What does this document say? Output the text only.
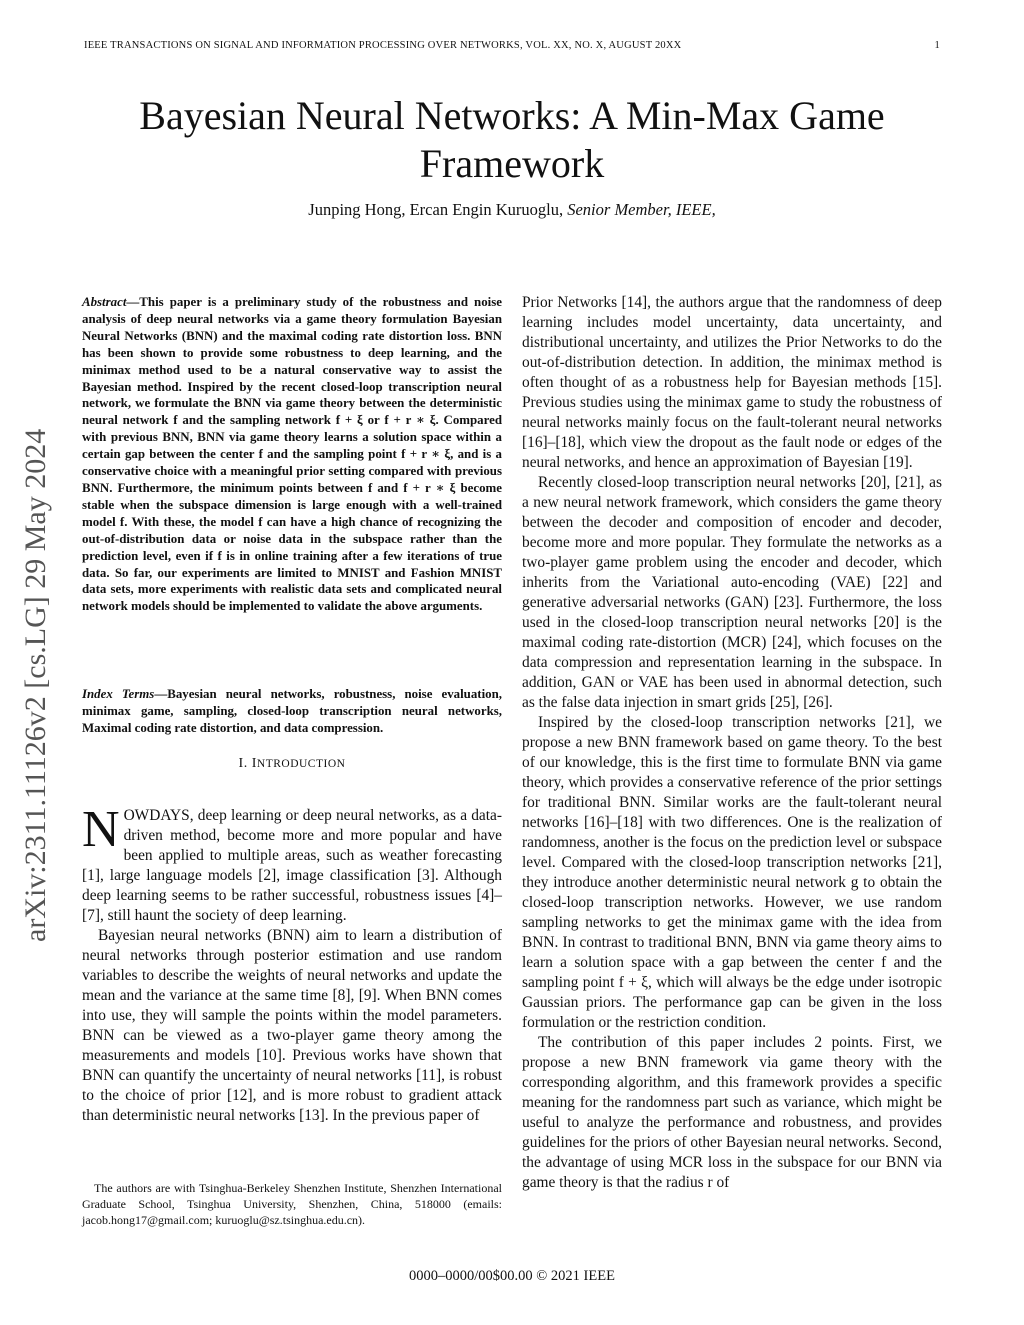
IEEE TRANSACTIONS ON SIGNAL AND INFORMATION PROCESSING OVER NETWORKS, VOL. XX, NO. X, AUGUST 20XX	1
Bayesian Neural Networks: A Min-Max Game
Framework
Junping Hong, Ercan Engin Kuruoglu, Senior Member, IEEE,
arXiv:2311.11126v2 [cs.LG] 29 May 2024
Abstract—This paper is a preliminary study of the robustness and noise analysis of deep neural networks via a game theory formulation Bayesian Neural Networks (BNN) and the maximal coding rate distortion loss. BNN has been shown to provide some robustness to deep learning, and the minimax method used to be a natural conservative way to assist the Bayesian method. Inspired by the recent closed-loop transcription neural network, we formulate the BNN via game theory between the deterministic neural network f and the sampling network f + ξ or f + r ∗ ξ. Compared with previous BNN, BNN via game theory learns a solution space within a certain gap between the center f and the sampling point f + r ∗ ξ, and is a conservative choice with a meaningful prior setting compared with previous BNN. Furthermore, the minimum points between f and f + r ∗ ξ become stable when the subspace dimension is large enough with a well-trained model f. With these, the model f can have a high chance of recognizing the out-of-distribution data or noise data in the subspace rather than the prediction level, even if f is in online training after a few iterations of true data. So far, our experiments are limited to MNIST and Fashion MNIST data sets, more experiments with realistic data sets and complicated neural network models should be implemented to validate the above arguments.
Index Terms—Bayesian neural networks, robustness, noise evaluation, minimax game, sampling, closed-loop transcription neural networks, Maximal coding rate distortion, and data compression.
I. INTRODUCTION

NOWDAYS, deep learning or deep neural networks, as a data-driven method, become more and more popular and have been applied to multiple areas, such as weather forecasting [1], large language models [2], image classification [3]. Although deep learning seems to be rather successful, robustness issues [4]–[7], still haunt the society of deep learning.

Bayesian neural networks (BNN) aim to learn a distribution of neural networks through posterior estimation and use random variables to describe the weights of neural networks and update the mean and the variance at the same time [8], [9]. When BNN comes into use, they will sample the points within the model parameters. BNN can be viewed as a two-player game theory among the measurements and models [10]. Previous works have shown that BNN can quantify the uncertainty of neural networks [11], is robust to the choice of prior [12], and is more robust to gradient attack than deterministic neural networks [13]. In the previous paper of

The authors are with Tsinghua-Berkeley Shenzhen Institute, Shenzhen International Graduate School, Tsinghua University, Shenzhen, China, 518000 (emails: jacob.hong17@gmail.com; kuruoglu@sz.tsinghua.edu.cn).

Prior Networks [14], the authors argue that the randomness of deep learning includes model uncertainty, data uncertainty, and distributional uncertainty, and utilizes the Prior Networks to do the out-of-distribution detection. In addition, the minimax method is often thought of as a robustness help for Bayesian methods [15]. Previous studies using the minimax game to study the robustness of neural networks mainly focus on the fault-tolerant neural networks [16]–[18], which view the dropout as the fault node or edges of the neural networks, and hence an approximation of Bayesian [19].

Recently closed-loop transcription neural networks [20], [21], as a new neural network framework, which considers the game theory between the decoder and composition of encoder and decoder, become more and more popular. They formulate the networks as a two-player game problem using the encoder and decoder, which inherits from the Variational auto-encoding (VAE) [22] and generative adversarial networks (GAN) [23]. Furthermore, the loss used in the closed-loop transcription neural networks [20] is the maximal coding rate-distortion (MCR) [24], which focuses on the data compression and representation learning in the subspace. In addition, GAN or VAE has been used in abnormal detection, such as the false data injection in smart grids [25], [26].

Inspired by the closed-loop transcription networks [21], we propose a new BNN framework based on game theory. To the best of our knowledge, this is the first time to formulate BNN via game theory, which provides a conservative reference of the prior settings for traditional BNN. Similar works are the fault-tolerant neural networks [16]–[18] with two differences. One is the realization of randomness, another is the focus on the prediction level or subspace level. Compared with the closed-loop transcription networks [21], they introduce another deterministic neural network g to obtain the closed-loop transcription networks. However, we use random sampling networks to get the minimax game with the idea from BNN. In contrast to traditional BNN, BNN via game theory aims to learn a solution space with a gap between the center f and the sampling point f + ξ, which will always be the edge under isotropic Gaussian priors. The performance gap can be given in the loss formulation or the restriction condition.

The contribution of this paper includes 2 points. First, we propose a new BNN framework via game theory with the corresponding algorithm, and this framework provides a specific meaning for the randomness part such as variance, which might be useful to analyze the performance and robustness, and provides guidelines for the priors of other Bayesian neural networks. Second, the advantage of using MCR loss in the subspace for our BNN via game theory is that the radius r of

0000–0000/00$00.00 © 2021 IEEE
